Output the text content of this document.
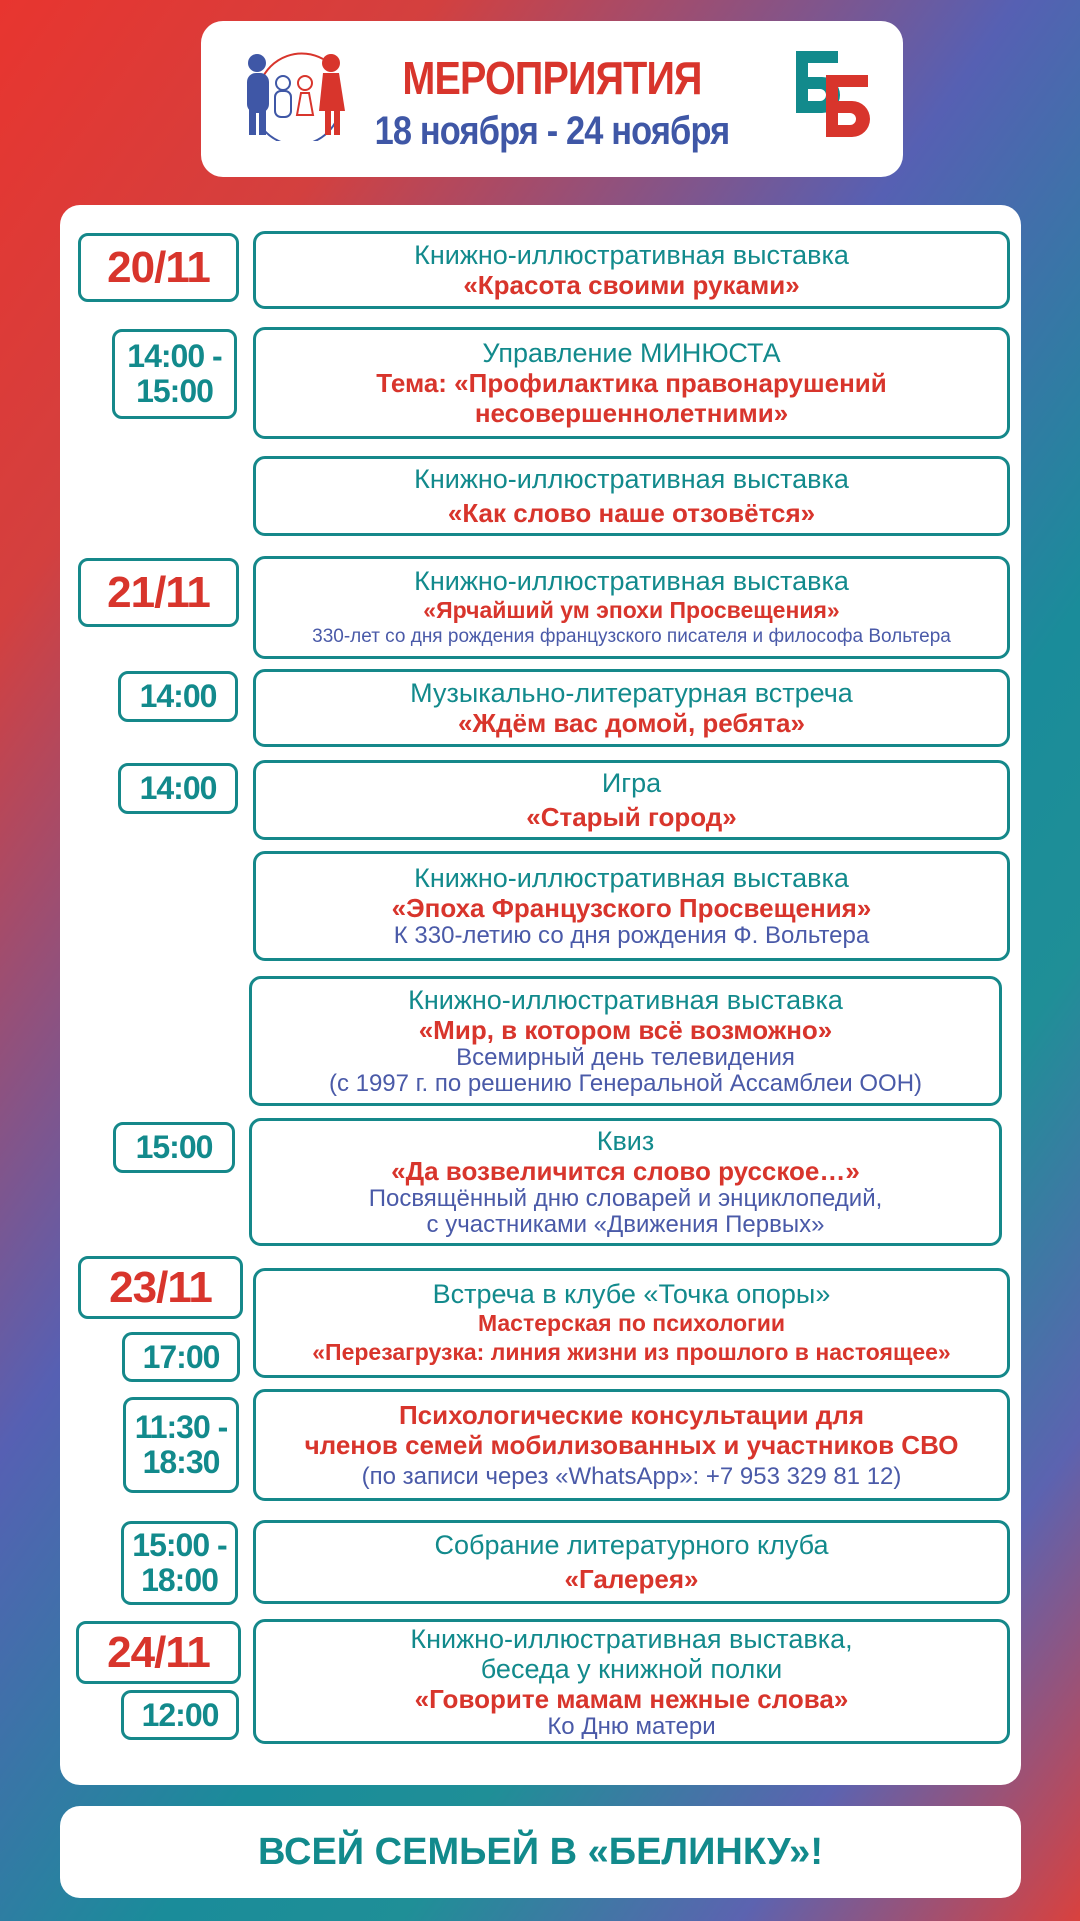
МЕРОПРИЯТИЯ
18 ноября - 24 ноября
20/11
21/11
23/11
24/11
14:00 -
15:00
14:00
14:00
15:00
17:00
11:30 -
18:30
15:00 -
18:00
12:00
Книжно-иллюстративная выставка
«Красота своими руками»
Управление МИНЮСТА
Тема: «Профилактика правонарушений
несовершеннолетними»
Книжно-иллюстративная выставка
«Как слово наше отзовётся»
Книжно-иллюстративная выставка
«Ярчайший ум эпохи Просвещения»
330-лет со дня рождения французского писателя и философа Вольтера
Музыкально-литературная встреча
«Ждём вас домой, ребята»
Игра
«Старый город»
Книжно-иллюстративная выставка
«Эпоха Французского Просвещения»
К 330-летию со дня рождения Ф. Вольтера
Книжно-иллюстративная выставка
«Мир, в котором всё возможно»
Всемирный день телевидения
(с 1997 г. по решению Генеральной Ассамблеи ООН)
Квиз
«Да возвеличится слово русское…»
Посвящённый дню словарей и энциклопедий,
с участниками «Движения Первых»
Встреча в клубе «Точка опоры»
Мастерская по психологии
«Перезагрузка: линия жизни из прошлого в настоящее»
Психологические консультации для
членов семей мобилизованных и участников СВО
(по записи через «WhatsApp»: +7 953 329 81 12)
Собрание литературного клуба
«Галерея»
Книжно-иллюстративная выставка,
беседа у книжной полки
«Говорите мамам нежные слова»
Ко Дню матери
ВСЕЙ СЕМЬЕЙ В «БЕЛИНКУ»!
